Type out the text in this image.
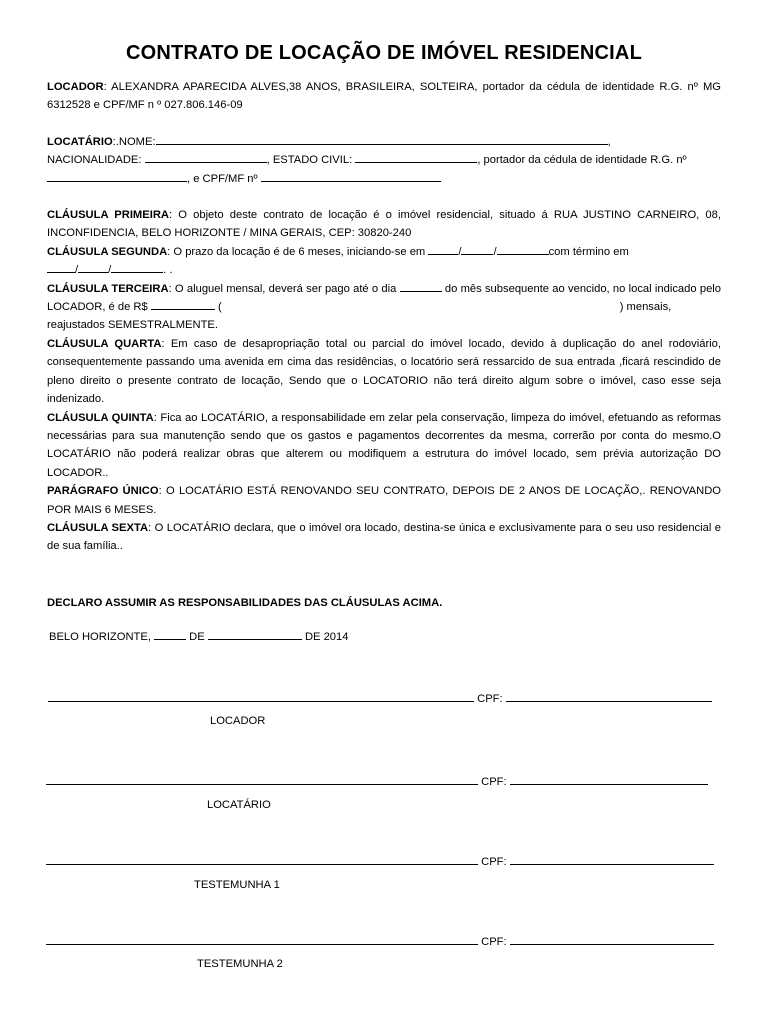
CONTRATO DE LOCAÇÃO DE IMÓVEL RESIDENCIAL

LOCADOR: ALEXANDRA APARECIDA ALVES,38 ANOS, BRASILEIRA, SOLTEIRA, portador da cédula de identidade R.G. nº MG 6312528 e CPF/MF n º 027.806.146-09

LOCATÁRIO:.NOME:	,
NACIONALIDADE:	, ESTADO CIVIL:	, portador da cédula de identidade R.G. nº
, e CPF/MF nº

CLÁUSULA PRIMEIRA: O objeto deste contrato de locação é o imóvel residencial, situado á RUA JUSTINO CARNEIRO, 08, INCONFIDENCIA, BELO HORIZONTE / MINA GERAIS, CEP: 30820-240

CLÁUSULA SEGUNDA: O prazo da locação é de 6 meses, iniciando-se em	/	/	com término em
/	/	. .

CLÁUSULA TERCEIRA: O aluguel mensal, deverá ser pago até o dia	do mês subsequente ao vencido, no local indicado pelo LOCADOR, é de R$	(	) mensais,
reajustados SEMESTRALMENTE.

CLÁUSULA QUARTA: Em caso de desapropriação total ou parcial do imóvel locado, devido à duplicação do anel rodoviário, consequentemente passando uma avenida em cima das residências, o locatório será ressarcido de sua entrada ,ficará rescindido de pleno direito o presente contrato de locação, Sendo que o LOCATORIO não terá direito algum sobre o imóvel, caso esse seja indenizado.

CLÁUSULA QUINTA: Fica ao LOCATÁRIO, a responsabilidade em zelar pela conservação, limpeza do imóvel, efetuando as reformas necessárias para sua manutenção sendo que os gastos e pagamentos decorrentes da mesma, correrão por conta do mesmo.O LOCATÁRIO não poderá realizar obras que alterem ou modifiquem a estrutura do imóvel locado, sem prévia autorização DO LOCADOR..

PARÁGRAFO ÚNICO: O LOCATÁRIO ESTÁ RENOVANDO SEU CONTRATO, DEPOIS DE 2 ANOS DE LOCAÇÃO,. RENOVANDO POR MAIS 6 MESES.

CLÁUSULA SEXTA: O LOCATÁRIO declara, que o imóvel ora locado, destina-se única e exclusivamente para o seu uso residencial e de sua família..

DECLARO ASSUMIR AS RESPONSABILIDADES DAS CLÁUSULAS ACIMA.
BELO HORIZONTE,	DE	DE 2014
CPF:
LOCADOR
CPF:
LOCATÁRIO
CPF:
TESTEMUNHA 1
CPF:
TESTEMUNHA 2
